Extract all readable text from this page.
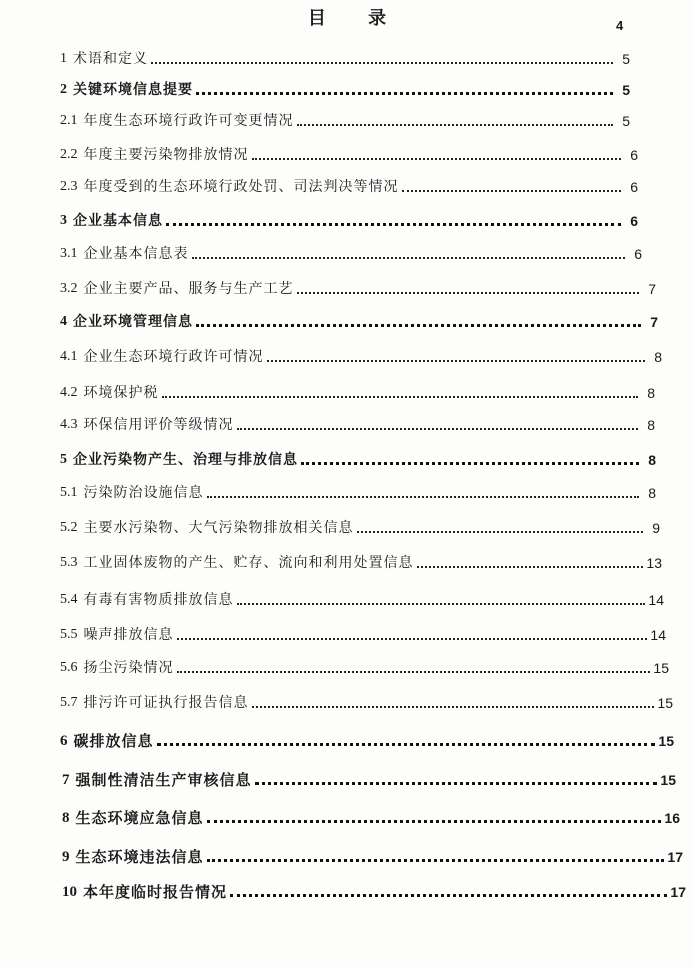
目 录	4
1 术语和定义	5
2 关键环境信息提要	5
2.1 年度生态环境行政许可变更情况	5
2.2 年度主要污染物排放情况	6
2.3 年度受到的生态环境行政处罚、司法判决等情况	6
3 企业基本信息	6
3.1 企业基本信息表	6
3.2 企业主要产品、服务与生产工艺	7
4 企业环境管理信息	7
4.1 企业生态环境行政许可情况	8
4.2 环境保护税	8
4.3 环保信用评价等级情况	8
5 企业污染物产生、治理与排放信息	8
5.1 污染防治设施信息	8
5.2 主要水污染物、大气污染物排放相关信息	9
5.3 工业固体废物的产生、贮存、流向和利用处置信息	13
5.4 有毒有害物质排放信息	14
5.5 噪声排放信息	14
5.6 扬尘污染情况	15
5.7 排污许可证执行报告信息	15
6 碳排放信息	15
7 强制性清洁生产审核信息	15
8 生态环境应急信息	16
9 生态环境违法信息	17
10 本年度临时报告情况	17
